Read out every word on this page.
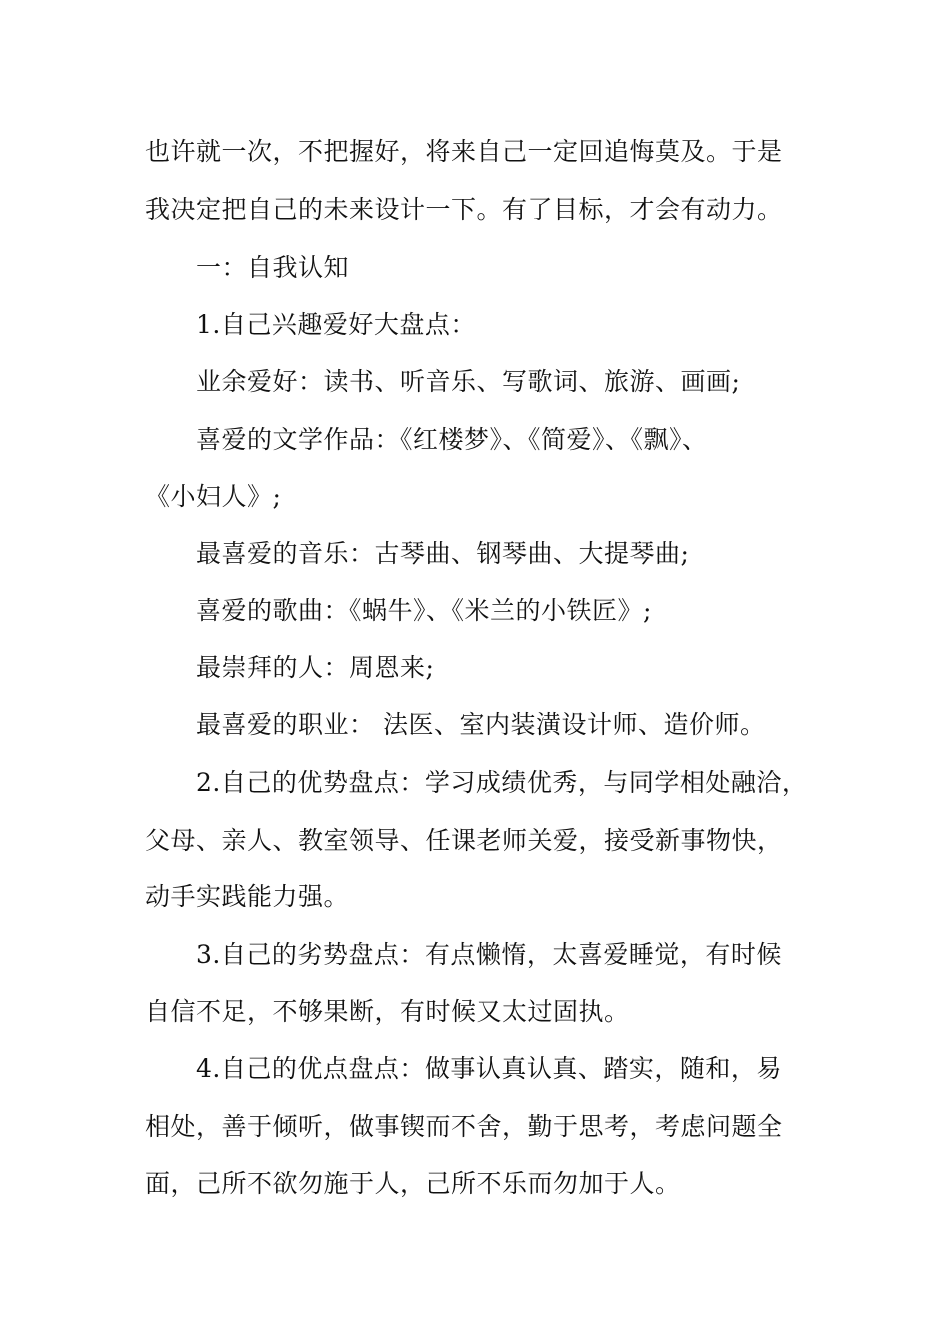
也许就一次，不把握好，将来自己一定回追悔莫及。于是
我决定把自己的未来设计一下。有了目标，才会有动力。
一：自我认知
1.自己兴趣爱好大盘点：
业余爱好：读书、听音乐、写歌词、旅游、画画;
喜爱的文学作品：《红楼梦》、《简爱》、《飘》、
《小妇人》;
最喜爱的音乐：古琴曲、钢琴曲、大提琴曲;
喜爱的歌曲：《蜗牛》、《米兰的小铁匠》;
最崇拜的人：周恩来;
最喜爱的职业： 法医、室内装潢设计师、造价师。
2.自己的优势盘点：学习成绩优秀，与同学相处融洽，
父母、亲人、教室领导、任课老师关爱，接受新事物快，
动手实践能力强。
3.自己的劣势盘点：有点懒惰，太喜爱睡觉，有时候
自信不足，不够果断，有时候又太过固执。
4.自己的优点盘点：做事认真认真、踏实，随和，易
相处，善于倾听，做事锲而不舍，勤于思考，考虑问题全
面，己所不欲勿施于人，己所不乐而勿加于人。
